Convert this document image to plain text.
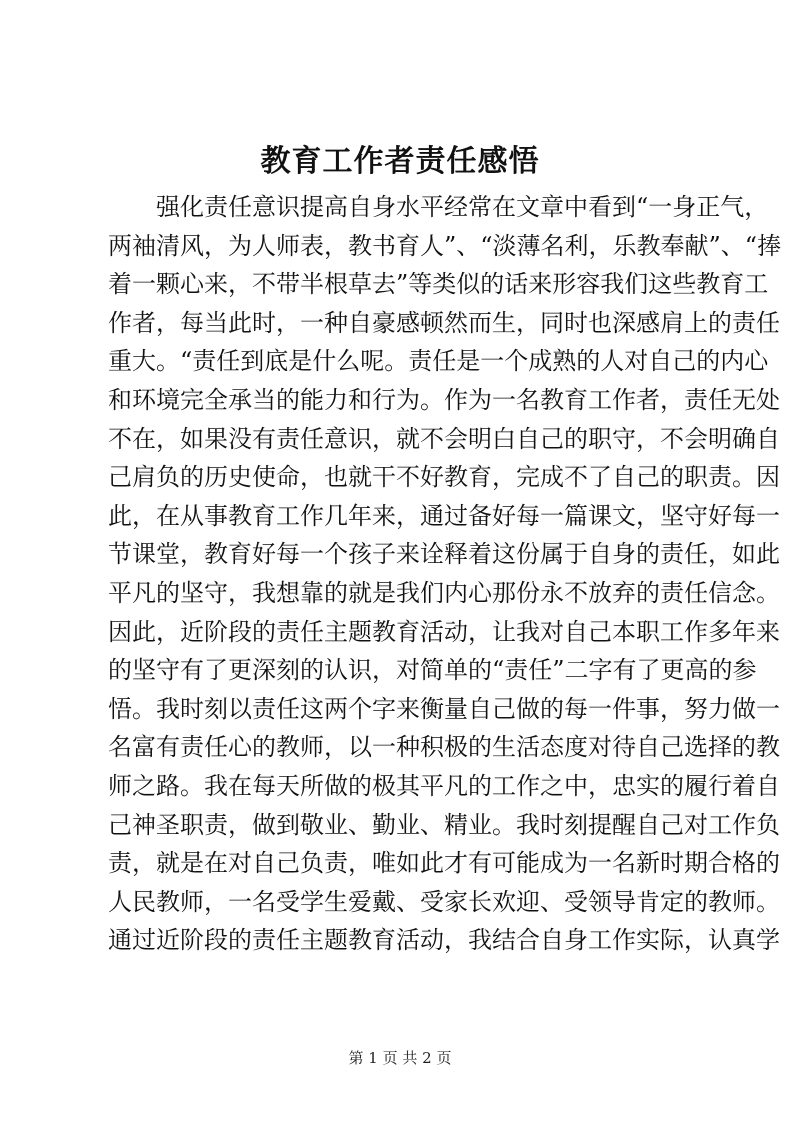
教育工作者责任感悟
强化责任意识提高自身水平经常在文章中看到“一身正气，
两袖清风，为人师表，教书育人”、“淡薄名利，乐教奉献”、“捧
着一颗心来，不带半根草去”等类似的话来形容我们这些教育工
作者，每当此时，一种自豪感顿然而生，同时也深感肩上的责任
重大。“责任到底是什么呢。责任是一个成熟的人对自己的内心
和环境完全承当的能力和行为。作为一名教育工作者，责任无处
不在，如果没有责任意识，就不会明白自己的职守，不会明确自
己肩负的历史使命，也就干不好教育，完成不了自己的职责。因
此，在从事教育工作几年来，通过备好每一篇课文，坚守好每一
节课堂，教育好每一个孩子来诠释着这份属于自身的责任，如此
平凡的坚守，我想靠的就是我们内心那份永不放弃的责任信念。
因此，近阶段的责任主题教育活动，让我对自己本职工作多年来
的坚守有了更深刻的认识，对简单的“责任”二字有了更高的参
悟。我时刻以责任这两个字来衡量自己做的每一件事，努力做一
名富有责任心的教师，以一种积极的生活态度对待自己选择的教
师之路。我在每天所做的极其平凡的工作之中，忠实的履行着自
己神圣职责，做到敬业、勤业、精业。我时刻提醒自己对工作负
责，就是在对自己负责，唯如此才有可能成为一名新时期合格的
人民教师，一名受学生爱戴、受家长欢迎、受领导肯定的教师。
通过近阶段的责任主题教育活动，我结合自身工作实际，认真学
第 1 页 共 2 页
